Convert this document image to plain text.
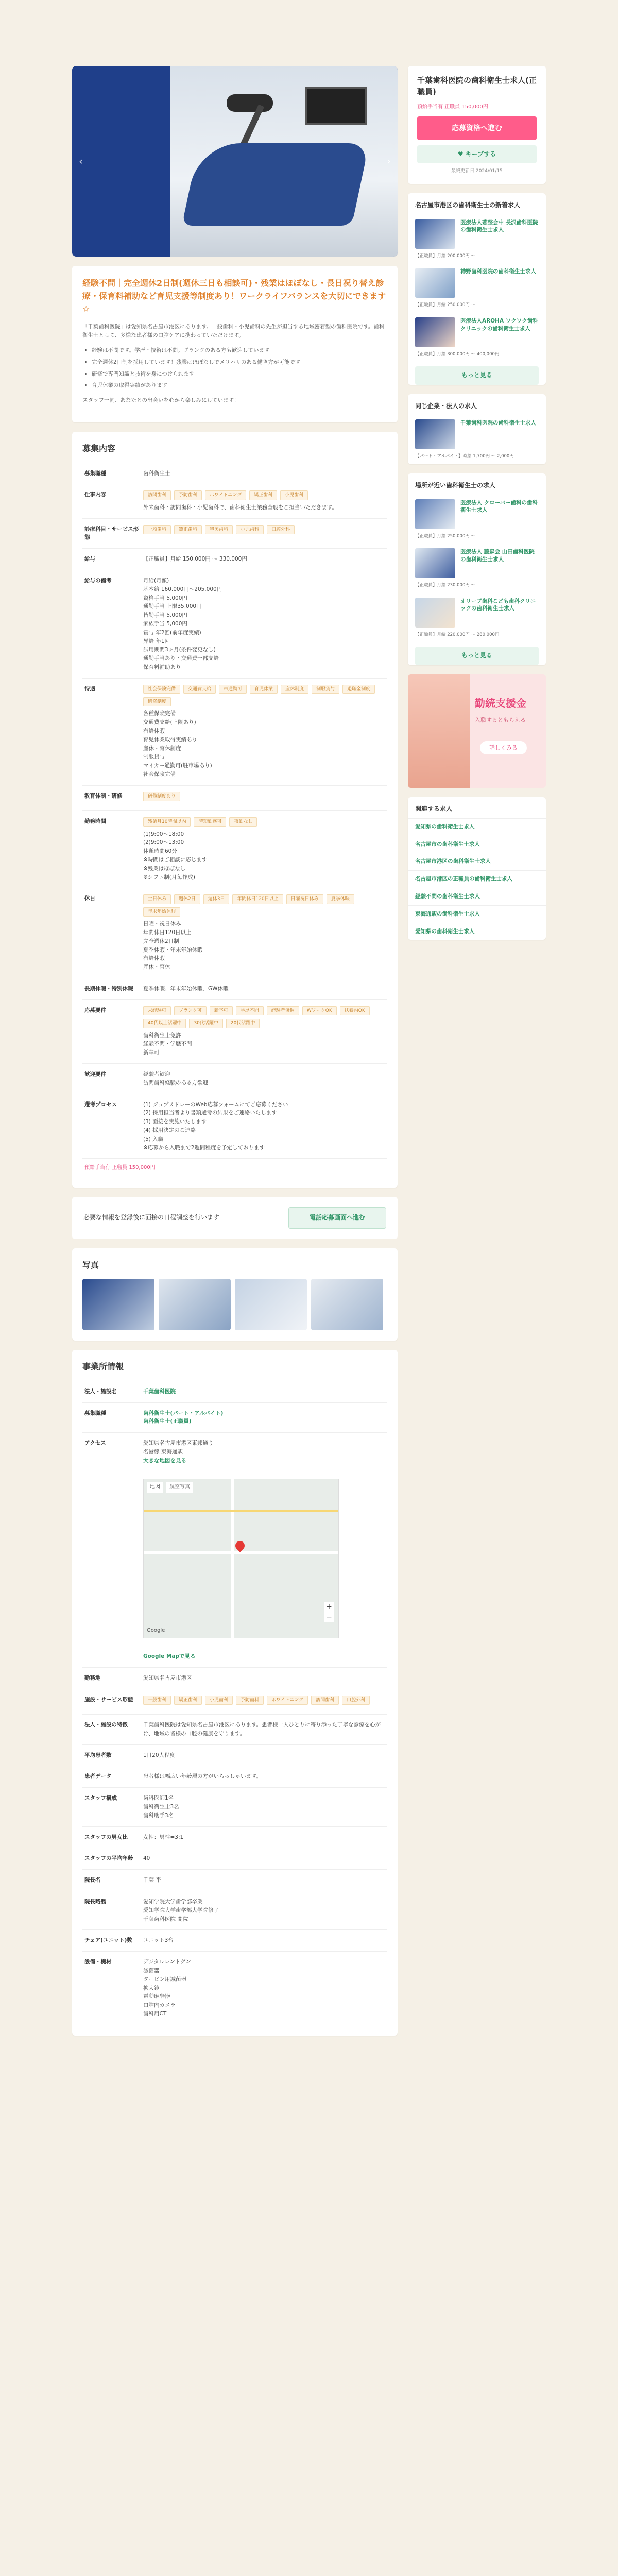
‹	›
経験不問｜完全週休2日制(週休三日も相談可)・残業はほぼなし・長日祝り替え診療・保育料補助など育児支援等制度あり！ワークライフバランスを大切にできます☆

「千葉歯科医院」は愛知県名古屋市港区にあります。一般歯科・小児歯科の先生が担当する地域密着型の歯科医院です。歯科衛生士として、多様な患者様の口腔ケアに携わっていただけます。

• 経験は不問です。学歴・技術は不問。ブランクのある方も歓迎しています
• 完全週休2日制を採用しています！残業はほぼなしでメリハリのある働き方が可能です
• 研修で専門知識と技術を身につけられます
• 育児休業の取得実績があります

スタッフ一同、あなたとの出会いを心から楽しみにしています！

募集内容
募集職種	歯科衛生士
仕事内容	訪問歯科	予防歯科	ホワイトニング	矯正歯科	小児歯科
外来歯科・訪問歯科・小児歯科で、歯科衛生士業務全般をご担当いただきます。
診療科目・サービス形態
一般歯科	矯正歯科	審美歯科	小児歯科	口腔外科
給与	【正職員】月給 150,000円 〜 330,000円
給与の備考	月給(月額)
基本給 160,000円〜205,000円
資格手当 5,000円
通勤手当 上限35,000円
皆勤手当 5,000円
家族手当 5,000円
賞与 年2回(前年度実績)
昇給 年1回
試用期間3ヶ月(条件変更なし)
通勤手当あり・交通費一部支給
保育料補助あり
待遇	社会保険完備	交通費支給	車通勤可	育児休業	産休制度	制服貸与	退職金制度
研修制度
各種保険完備
交通費支給(上限あり)
有給休暇
育児休業取得実績あり
産休・育休制度
制服貸与
マイカー通勤可(駐車場あり)
社会保険完備
教育体制・研修	研修制度あり
勤務時間	残業月10時間以内	時短勤務可	夜勤なし
(1)9:00〜18:00
(2)9:00〜13:00
休憩時間60分
※時間はご相談に応じます
※残業はほぼなし
※シフト制(月毎作成)
休日	土日休み	週休2日	週休3日	年間休日120日以上	日曜祝日休み	夏季休暇
年末年始休暇
日曜・祝日休み
年間休日120日以上
完全週休2日制
夏季休暇・年末年始休暇
有給休暇
産休・育休
長期休暇・特別休暇	夏季休暇、年末年始休暇、GW休暇
応募要件	未経験可	ブランク可	新卒可	学歴不問	経験者優遇	WワークOK	扶養内OK
40代以上活躍中	30代活躍中	20代活躍中
歯科衛生士免許
経験不問・学歴不問
新卒可
歓迎要件	経験者歓迎
訪問歯科経験のある方歓迎
選考プロセス	(1) ジョブメドレーのWeb応募フォームにてご応募ください
(2) 採用担当者より書類選考の結果をご連絡いたします
(3) 面接を実施いたします
(4) 採用決定のご連絡
(5) 入職
※応募から入職まで2週間程度を予定しております
預給手当有 正職員 150,000円
必要な情報を登録後に面接の日程調整を行います	電話応募画面へ進む
写真
事業所情報
法人・施設名	千葉歯科医院
募集職種	歯科衛生士(パート・アルバイト)
歯科衛生士(正職員)
アクセス	愛知県名古屋市港区東邦通り
名港線 東海通駅
大きな地図を見る

地図	航空写真

Google

+
−

Google Mapで見る
勤務地	愛知県名古屋市港区
施設・サービス形態	一般歯科	矯正歯科	小児歯科	予防歯科	ホワイトニング	訪問歯科	口腔外科
法人・施設の特徴	千葉歯科医院は愛知県名古屋市港区にあります。患者様一人ひとりに寄り添った丁寧な診療を心がけ、地域の皆様の口腔の健康を守ります。
平均患者数	1日20人程度
患者データ	患者様は幅広い年齢層の方がいらっしゃいます。
スタッフ構成	歯科医師1名
歯科衛生士3名
歯科助手3名
スタッフの男女比	女性：男性=3:1
スタッフの平均年齢	40
院長名	千葉 平
院長略歴	愛知学院大学歯学部卒業
愛知学院大学歯学部大学院修了
千葉歯科医院 開院
チェア(ユニット)数	ユニット3台
設備・機材	デジタルレントゲン
滅菌器
タービン用滅菌器
拡大鏡
電動麻酔器
口腔内カメラ
歯科用CT
千葉歯科医院の歯科衛生士求人(正職員)
預給手当有 正職員 150,000円
応募資格へ進む
♥ キープする
最終更新日 2024/01/15
名古屋市港区の歯科衛生士の新着求人
医療法人蒼整会中 長沢歯科医院の歯科衛生士求人
【正職員】月給 200,000円 〜
神野歯科医院の歯科衛生士求人
【正職員】月給 250,000円 〜
医療法人AROHA ワクワク歯科クリニックの歯科衛生士求人
【正職員】月給 300,000円 〜 400,000円
もっと見る
同じ企業・法人の求人
千葉歯科医院の歯科衛生士求人
【パート・アルバイト】時給 1,700円 〜 2,000円
場所が近い歯科衛生士の求人
医療法人 クローバー歯科の歯科衛生士求人
【正職員】月給 250,000円 〜
医療法人 藤森会 山田歯科医院の歯科衛生士求人
【正職員】月給 230,000円 〜
オリーブ歯科こども歯科クリニックの歯科衛生士求人
【正職員】月給 220,000円 〜 280,000円
もっと見る
勤続支援金
入職するともらえる
詳しくみる
関連する求人
愛知県の歯科衛生士求人
名古屋市の歯科衛生士求人
名古屋市港区の歯科衛生士求人
名古屋市港区の正職員の歯科衛生士求人
経験不問の歯科衛生士求人
東海通駅の歯科衛生士求人
愛知県の歯科衛生士求人
